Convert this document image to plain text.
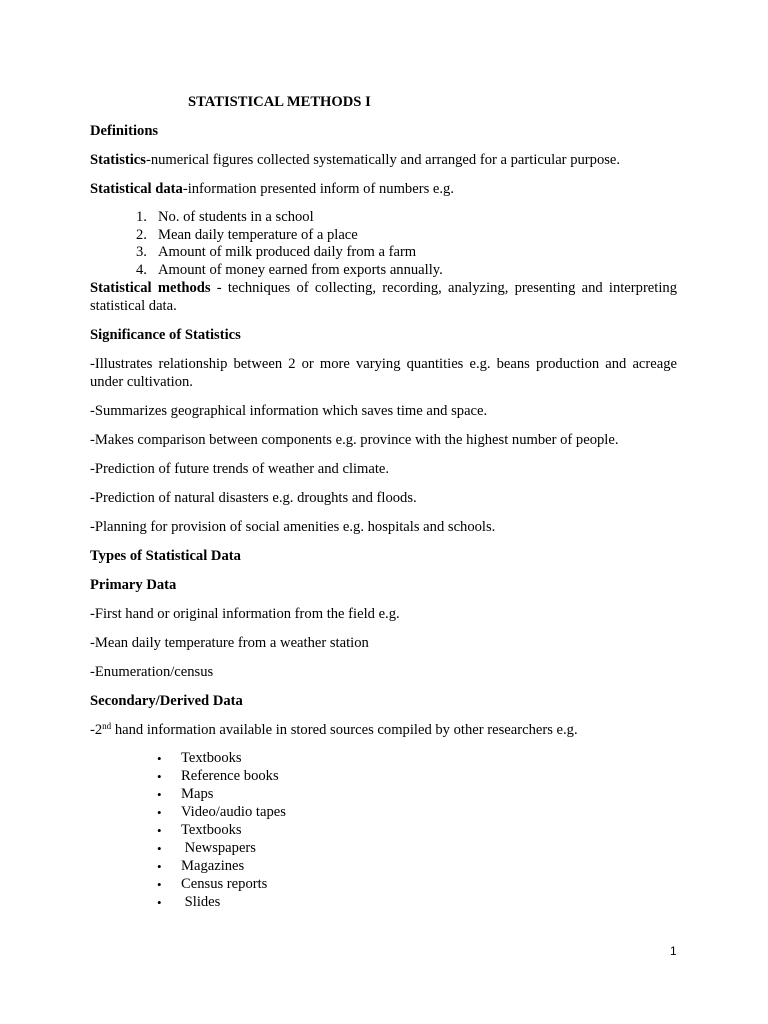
STATISTICAL METHODS I

Definitions

Statistics-numerical figures collected systematically and arranged for a particular purpose.

Statistical data-information presented inform of numbers e.g.

1. No. of students in a school
2. Mean daily temperature of a place
3. Amount of milk produced daily from a farm
4. Amount of money earned from exports annually.

Statistical methods - techniques of collecting, recording, analyzing, presenting and interpreting statistical data.

Significance of Statistics

-Illustrates relationship between 2 or more varying quantities e.g. beans production and acreage under cultivation.

-Summarizes geographical information which saves time and space.

-Makes comparison between components e.g. province with the highest number of people.

-Prediction of future trends of weather and climate.

-Prediction of natural disasters e.g. droughts and floods.

-Planning for provision of social amenities e.g. hospitals and schools.

Types of Statistical Data

Primary Data

-First hand or original information from the field e.g.

-Mean daily temperature from a weather station

-Enumeration/census

Secondary/Derived Data

-2nd hand information available in stored sources compiled by other researchers e.g.

• Textbooks
• Reference books
• Maps
• Video/audio tapes
• Textbooks
• Newspapers
• Magazines
• Census reports
• Slides
1
